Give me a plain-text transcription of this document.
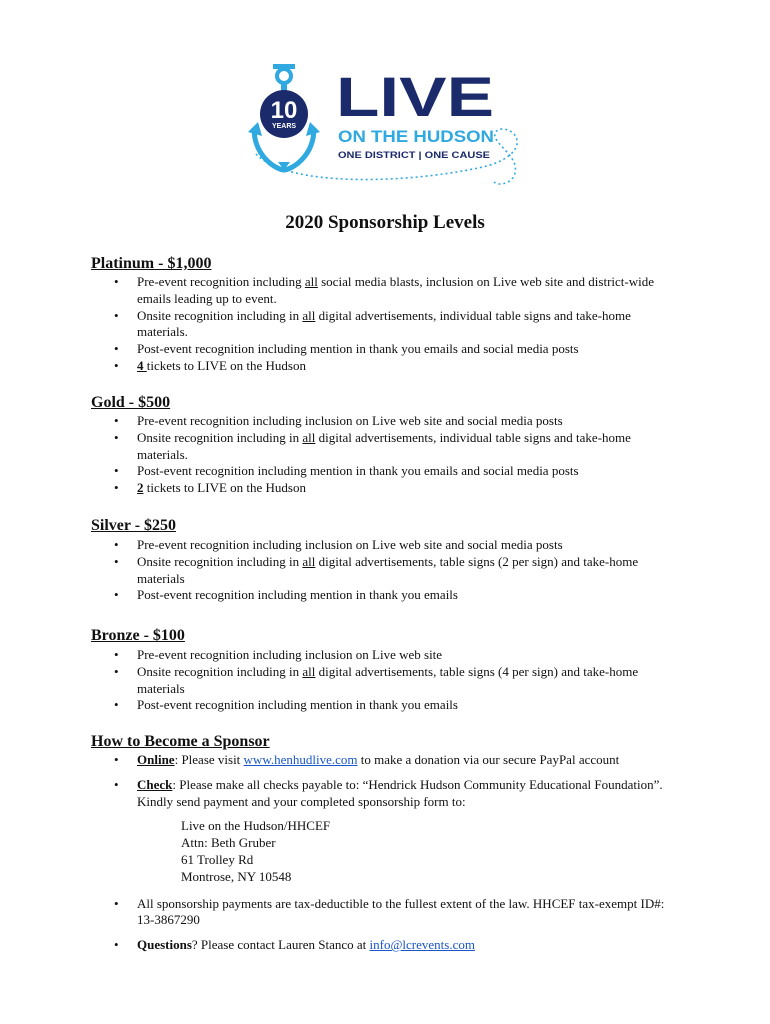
10
YEARS LIVE
ON THE HUDSON
ONE DISTRICT | ONE CAUSE
2020 Sponsorship Levels
Platinum - $1,000
• Pre-event recognition including all social media blasts, inclusion on Live web site and district-wide emails leading up to event.
• Onsite recognition including in all digital advertisements, individual table signs and take-home materials.
• Post-event recognition including mention in thank you emails and social media posts
• 4 tickets to LIVE on the Hudson
Gold - $500
• Pre-event recognition including inclusion on Live web site and social media posts
• Onsite recognition including in all digital advertisements, individual table signs and take-home materials.
• Post-event recognition including mention in thank you emails and social media posts
• 2 tickets to LIVE on the Hudson
Silver - $250
• Pre-event recognition including inclusion on Live web site and social media posts
• Onsite recognition including in all digital advertisements, table signs (2 per sign) and take-home materials
• Post-event recognition including mention in thank you emails
Bronze - $100
• Pre-event recognition including inclusion on Live web site
• Onsite recognition including in all digital advertisements, table signs (4 per sign) and take-home materials
• Post-event recognition including mention in thank you emails
How to Become a Sponsor
• Online: Please visit www.henhudlive.com to make a donation via our secure PayPal account
• Check: Please make all checks payable to: “Hendrick Hudson Community Educational Foundation”. Kindly send payment and your completed sponsorship form to:
Live on the Hudson/HHCEF
Attn: Beth Gruber
61 Trolley Rd
Montrose, NY 10548
• All sponsorship payments are tax-deductible to the fullest extent of the law. HHCEF tax-exempt ID#: 13-3867290
• Questions? Please contact Lauren Stanco at info@lcrevents.com
